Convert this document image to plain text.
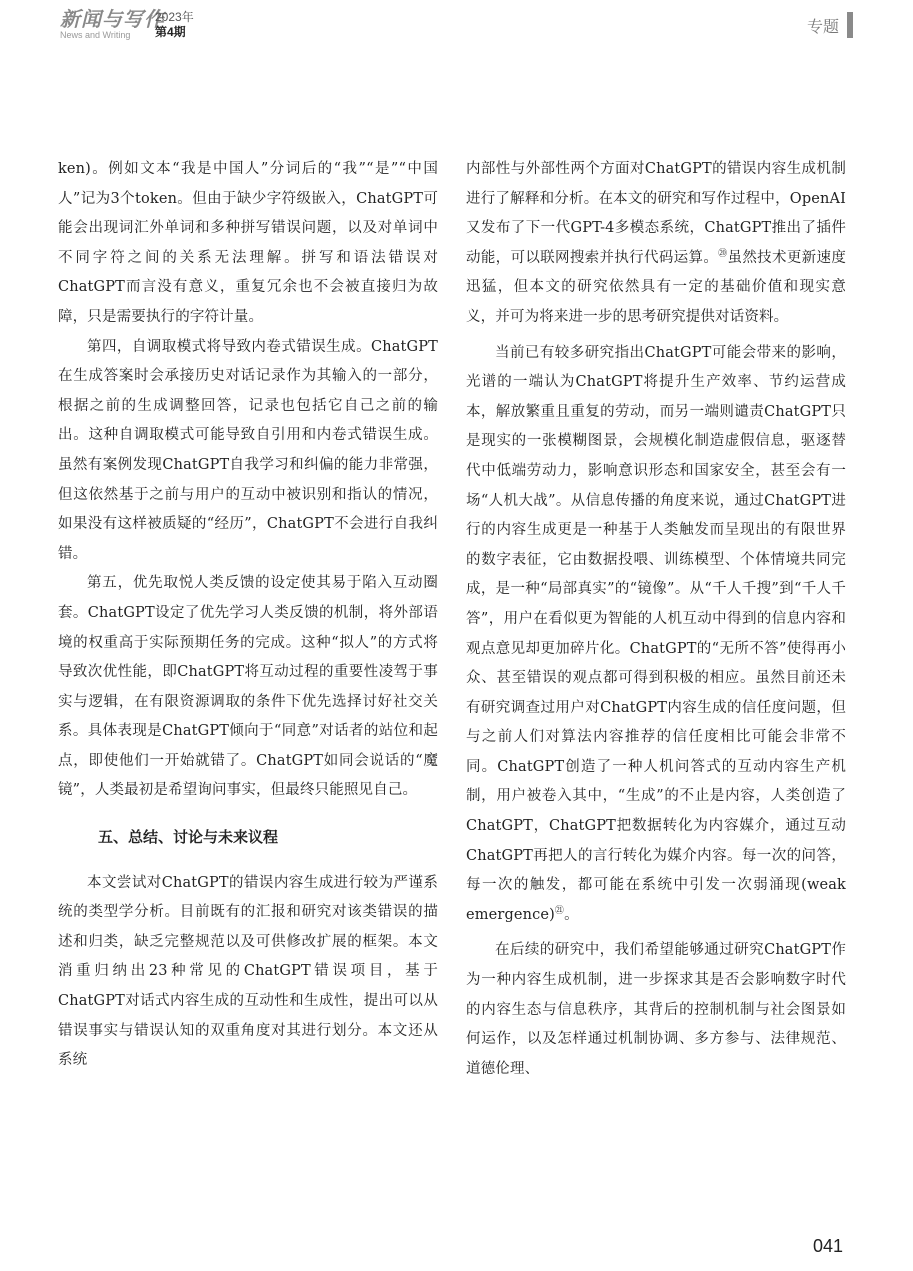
新闻与写作
News and Writing
2023年
第4期	专题

ken)。例如文本“我是中国人”分词后的“我”“是”“中国人”记为3个token。但由于缺少字符级嵌入，ChatGPT可能会出现词汇外单词和多种拼写错误问题，以及对单词中不同字符之间的关系无法理解。拼写和语法错误对ChatGPT而言没有意义，重复冗余也不会被直接归为故障，只是需要执行的字符计量。

第四，自调取模式将导致内卷式错误生成。ChatGPT在生成答案时会承接历史对话记录作为其输入的一部分，根据之前的生成调整回答，记录也包括它自己之前的输出。这种自调取模式可能导致自引用和内卷式错误生成。虽然有案例发现ChatGPT自我学习和纠偏的能力非常强，但这依然基于之前与用户的互动中被识别和指认的情况，如果没有这样被质疑的“经历”，ChatGPT不会进行自我纠错。

第五，优先取悦人类反馈的设定使其易于陷入互动圈套。ChatGPT设定了优先学习人类反馈的机制，将外部语境的权重高于实际预期任务的完成。这种“拟人”的方式将导致次优性能，即ChatGPT将互动过程的重要性凌驾于事实与逻辑，在有限资源调取的条件下优先选择讨好社交关系。具体表现是ChatGPT倾向于“同意”对话者的站位和起点，即使他们一开始就错了。ChatGPT如同会说话的“魔镜”，人类最初是希望询问事实，但最终只能照见自己。

五、总结、讨论与未来议程

本文尝试对ChatGPT的错误内容生成进行较为严谨系统的类型学分析。目前既有的汇报和研究对该类错误的描述和归类，缺乏完整规范以及可供修改扩展的框架。本文消重归纳出23种常见的ChatGPT错误项目，基于ChatGPT对话式内容生成的互动性和生成性，提出可以从错误事实与错误认知的双重角度对其进行划分。本文还从系统

内部性与外部性两个方面对ChatGPT的错误内容生成机制进行了解释和分析。在本文的研究和写作过程中，OpenAI又发布了下一代GPT-4多模态系统，ChatGPT推出了插件动能，可以联网搜索并执行代码运算。⑳虽然技术更新速度迅猛，但本文的研究依然具有一定的基础价值和现实意义，并可为将来进一步的思考研究提供对话资料。

当前已有较多研究指出ChatGPT可能会带来的影响，光谱的一端认为ChatGPT将提升生产效率、节约运营成本，解放繁重且重复的劳动，而另一端则谴责ChatGPT只是现实的一张模糊图景，会规模化制造虚假信息，驱逐替代中低端劳动力，影响意识形态和国家安全，甚至会有一场“人机大战”。从信息传播的角度来说，通过ChatGPT进行的内容生成更是一种基于人类触发而呈现出的有限世界的数字表征，它由数据投喂、训练模型、个体情境共同完成，是一种“局部真实”的“镜像”。从“千人千搜”到“千人千答”，用户在看似更为智能的人机互动中得到的信息内容和观点意见却更加碎片化。ChatGPT的“无所不答”使得再小众、甚至错误的观点都可得到积极的相应。虽然目前还未有研究调查过用户对ChatGPT内容生成的信任度问题，但与之前人们对算法内容推荐的信任度相比可能会非常不同。ChatGPT创造了一种人机问答式的互动内容生产机制，用户被卷入其中，“生成”的不止是内容，人类创造了ChatGPT，ChatGPT把数据转化为内容媒介，通过互动ChatGPT再把人的言行转化为媒介内容。每一次的问答，每一次的触发，都可能在系统中引发一次弱涌现(weak emergence)$^㉑$。

在后续的研究中，我们希望能够通过研究ChatGPT作为一种内容生成机制，进一步探求其是否会影响数字时代的内容生态与信息秩序，其背后的控制机制与社会图景如何运作，以及怎样通过机制协调、多方参与、法律规范、道德伦理、

041
